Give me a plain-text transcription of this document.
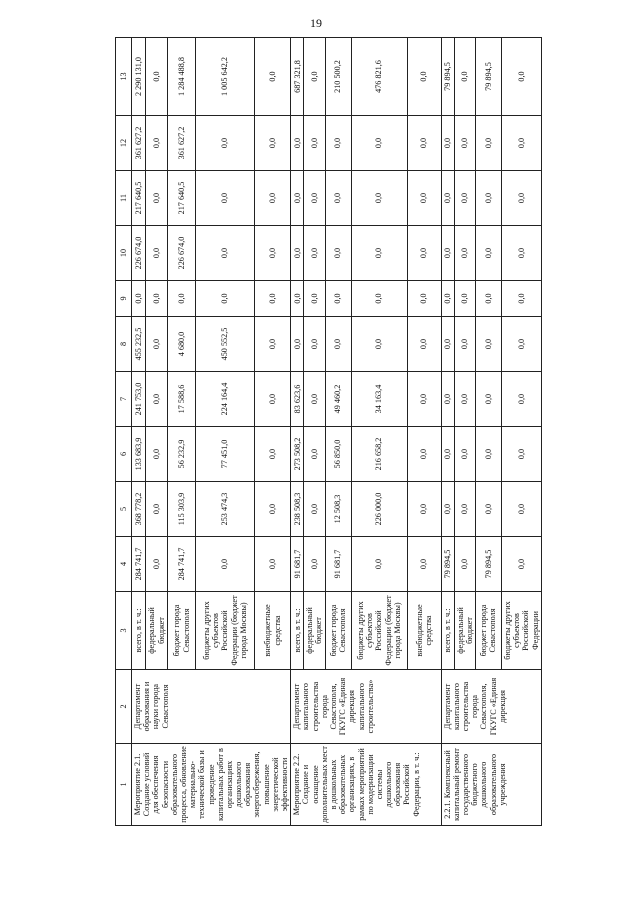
19
1	2	3	4	5	6	7	8	9	10	11	12	13
Мероприятие 2.1. Создание условий для обеспечения безопасности образовательного процесса, обновление материально-технической базы и проведение капитальных работ в организациях дошкольного образования энергосбережения, повышение энергетической эффективности	Департамент образования и науки города Севастополя	всего, в т. ч.:	284 741,7	368 778,2	133 683,9	241 753,0	455 232,5	0,0	226 674,0	217 640,5	361 627,2	2 290 131,0
		федеральный бюджет	0,0	0,0	0,0	0,0	0,0	0,0	0,0	0,0	0,0	0,0
		бюджет города Севастополя	284 741,7	115 303,9	56 232,9	17 588,6	4 680,0	0,0	226 674,0	217 640,5	361 627,2	1 284 488,8
		бюджеты других субъектов Российской Федерации (бюджет города Москвы)	0,0	253 474,3	77 451,0	224 164,4	450 552,5	0,0	0,0	0,0	0,0	1 005 642,2
		внебюджетные средства	0,0	0,0	0,0	0,0	0,0	0,0	0,0	0,0	0,0	0,0
Мероприятие 2.2. Создание и оснащение дополнительных мест в дошкольных образовательных организациях, в рамках мероприятий по модернизации системы дошкольного образования Российской Федерации, в т. ч.:	Департамент капитального строительства города Севастополя, ГКУГС «Единая дирекция капитального строительства»	всего, в т. ч.:	91 681,7	238 508,3	273 508,2	83 623,6	0,0	0,0	0,0	0,0	0,0	687 321,8
		федеральный бюджет	0,0	0,0	0,0	0,0	0,0	0,0	0,0	0,0	0,0	0,0
		бюджет города Севастополя	91 681,7	12 508,3	56 850,0	49 460,2	0,0	0,0	0,0	0,0	0,0	210 500,2
		бюджеты других субъектов Российской Федерации (бюджет города Москвы)	0,0	226 000,0	216 658,2	34 163,4	0,0	0,0	0,0	0,0	0,0	476 821,6
		внебюджетные средства	0,0	0,0	0,0	0,0	0,0	0,0	0,0	0,0	0,0	0,0
2.2.1. Комплексный капитальный ремонт государственного бюджетного дошкольного образовательного учреждения	Департамент капитального строительства города Севастополя, ГКУГС «Единая дирекция	всего, в т. ч.:	79 894,5	0,0	0,0	0,0	0,0	0,0	0,0	0,0	0,0	79 894,5
		федеральный бюджет	0,0	0,0	0,0	0,0	0,0	0,0	0,0	0,0	0,0	0,0
		бюджет города Севастополя	79 894,5	0,0	0,0	0,0	0,0	0,0	0,0	0,0	0,0	79 894,5
		бюджеты других субъектов Российской Федерации	0,0	0,0	0,0	0,0	0,0	0,0	0,0	0,0	0,0	0,0
